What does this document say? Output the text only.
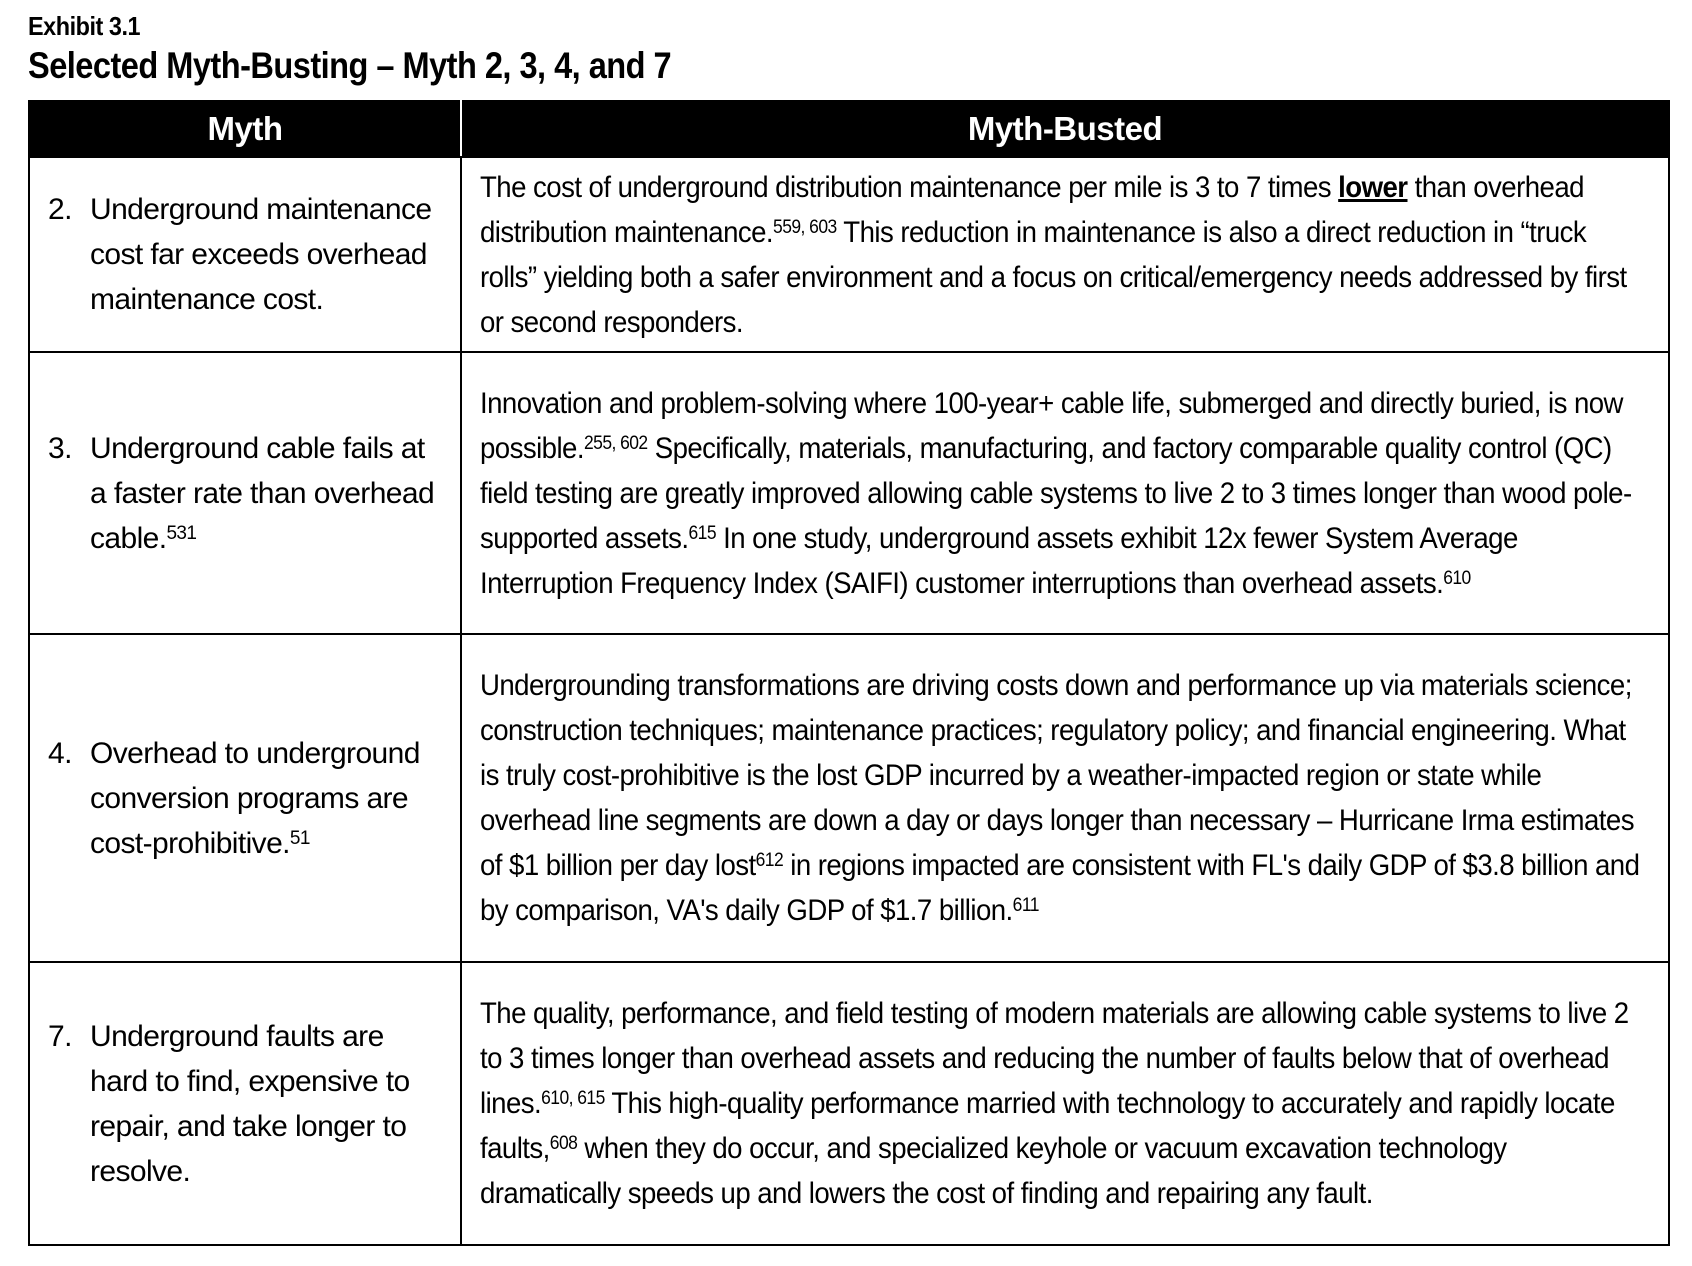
Exhibit 3.1
Selected Myth-Busting – Myth 2, 3, 4, and 7
Myth	Myth-Busted

2. Underground maintenance cost far exceeds overhead maintenance cost.	The cost of underground distribution maintenance per mile is 3 to 7 times lower than overhead distribution maintenance.$^{559, 603}$ This reduction in maintenance is also a direct reduction in “truck rolls” yielding both a safer environment and a focus on critical/emergency needs addressed by first or second responders.

3. Underground cable fails at a faster rate than overhead cable.$^{531}$	Innovation and problem-solving where 100-year+ cable life, submerged and directly buried, is now possible.$^{255, 602}$ Specifically, materials, manufacturing, and factory comparable quality control (QC) field testing are greatly improved allowing cable systems to live 2 to 3 times longer than wood pole-supported assets.$^{615}$ In one study, underground assets exhibit 12x fewer System Average Interruption Frequency Index (SAIFI) customer interruptions than overhead assets.$^{610}$

4. Overhead to underground conversion programs are cost-prohibitive.$^{51}$	Undergrounding transformations are driving costs down and performance up via materials science; construction techniques; maintenance practices; regulatory policy; and financial engineering. What is truly cost-prohibitive is the lost GDP incurred by a weather-impacted region or state while overhead line segments are down a day or days longer than necessary – Hurricane Irma estimates of $1 billion per day lost$^{612}$ in regions impacted are consistent with FL's daily GDP of $3.8 billion and by comparison, VA's daily GDP of $1.7 billion.$^{611}$

7. Underground faults are hard to find, expensive to repair, and take longer to resolve.	The quality, performance, and field testing of modern materials are allowing cable systems to live 2 to 3 times longer than overhead assets and reducing the number of faults below that of overhead lines.$^{610, 615}$ This high-quality performance married with technology to accurately and rapidly locate faults,$^{608}$ when they do occur, and specialized keyhole or vacuum excavation technology dramatically speeds up and lowers the cost of finding and repairing any fault.
